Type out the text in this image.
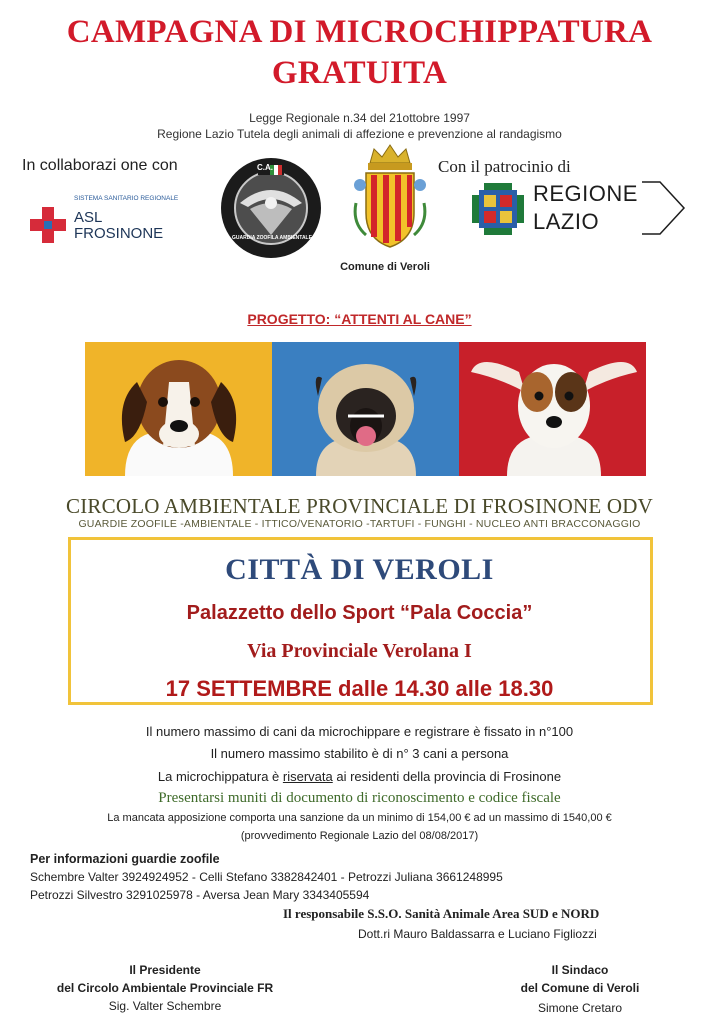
CAMPAGNA DI MICROCHIPPATURA
GRATUITA
Legge Regionale n.34 del 21ottobre 1997
Regione Lazio Tutela degli animali di affezione e prevenzione al randagismo
In collaborazi one con	Con il patrocinio di
SISTEMA SANITARIO REGIONALE
ASL
FROSINONE
C.A.
GUARDIA ZOOFILA AMBIENTALE
Comune di Veroli
REGIONE
LAZIO
PROGETTO: “ATTENTI AL CANE”
CIRCOLO AMBIENTALE PROVINCIALE DI FROSINONE ODV
GUARDIE ZOOFILE -AMBIENTALE - ITTICO/VENATORIO -TARTUFI - FUNGHI - NUCLEO ANTI BRACCONAGGIO
CITTÀ DI VEROLI
Palazzetto dello Sport “Pala Coccia”
Via Provinciale Verolana I
17 SETTEMBRE dalle 14.30 alle 18.30
Il numero massimo di cani da microchippare e registrare è fissato in n°100
Il numero massimo stabilito è di n° 3 cani a persona
La microchippatura è riservata ai residenti della provincia di Frosinone
Presentarsi muniti di documento di riconoscimento e codice fiscale
La mancata apposizione comporta una sanzione da un minimo di 154,00 € ad un massimo di 1540,00 €
(provvedimento Regionale Lazio del 08/08/2017)
Per informazioni guardie zoofile
Schembre Valter 3924924952 - Celli Stefano 3382842401 - Petrozzi Juliana 3661248995
Petrozzi Silvestro 3291025978 - Aversa Jean Mary 3343405594
Il responsabile S.S.O. Sanità Animale Area SUD e NORD
Dott.ri Mauro Baldassarra e Luciano Figliozzi
Il Presidente
del Circolo Ambientale Provinciale FR
Sig. Valter Schembre
Il Sindaco
del Comune di Veroli
Simone Cretaro
